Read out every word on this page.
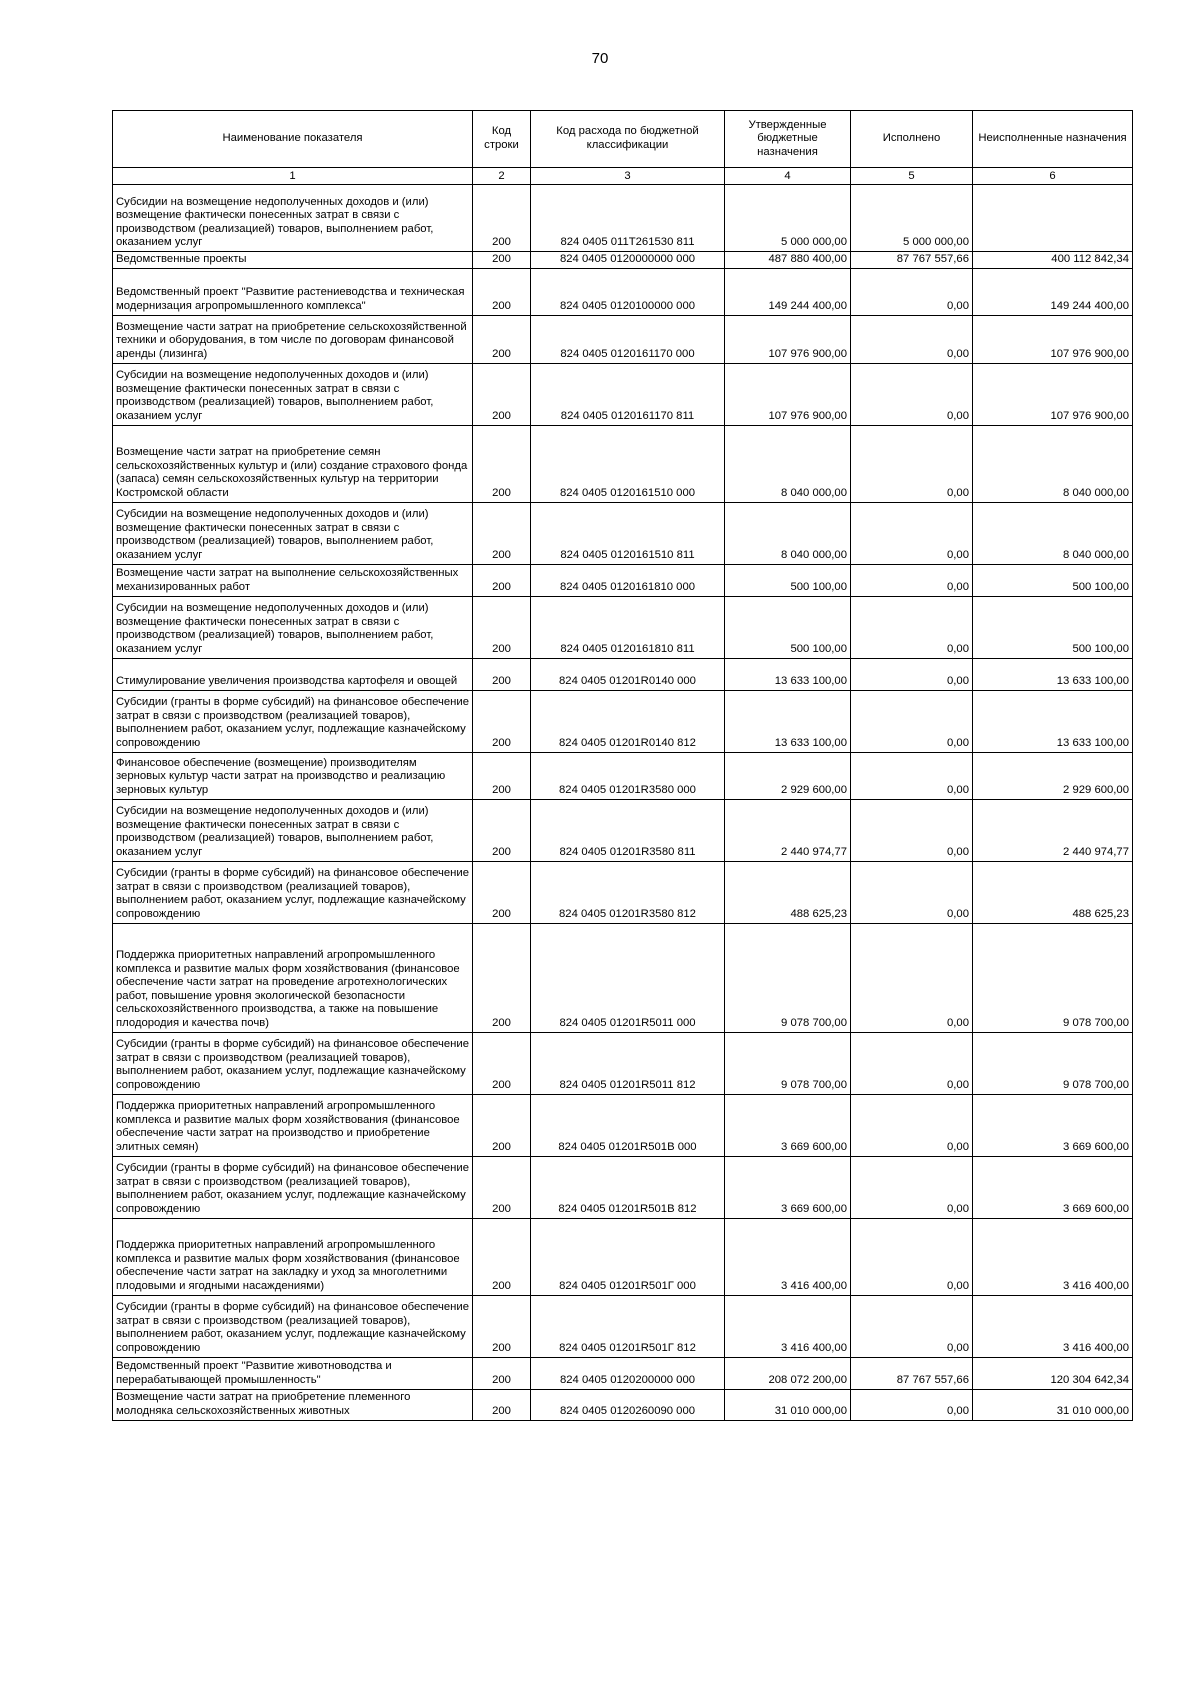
70
Наименование показателя	Код строки	Код расхода по бюджетной классификации	Утвержденные бюджетные назначения	Исполнено	Неисполненные назначения
1	2	3	4	5	6
Субсидии на возмещение недополученных доходов и (или) возмещение фактически понесенных затрат в связи с производством (реализацией) товаров, выполнением работ, оказанием услуг	200	824 0405 011Т261530 811	5 000 000,00	5 000 000,00	
Ведомственные проекты	200	824 0405 0120000000 000	487 880 400,00	87 767 557,66	400 112 842,34
Ведомственный проект "Развитие растениеводства и техническая модернизация агропромышленного комплекса"	200	824 0405 0120100000 000	149 244 400,00	0,00	149 244 400,00
Возмещение части затрат на приобретение сельскохозяйственной техники и оборудования, в том числе по договорам финансовой аренды (лизинга)	200	824 0405 0120161170 000	107 976 900,00	0,00	107 976 900,00
Субсидии на возмещение недополученных доходов и (или) возмещение фактически понесенных затрат в связи с производством (реализацией) товаров, выполнением работ, оказанием услуг	200	824 0405 0120161170 811	107 976 900,00	0,00	107 976 900,00
Возмещение части затрат на приобретение семян сельскохозяйственных культур и (или) создание страхового фонда (запаса) семян сельскохозяйственных культур на территории Костромской области	200	824 0405 0120161510 000	8 040 000,00	0,00	8 040 000,00
Субсидии на возмещение недополученных доходов и (или) возмещение фактически понесенных затрат в связи с производством (реализацией) товаров, выполнением работ, оказанием услуг	200	824 0405 0120161510 811	8 040 000,00	0,00	8 040 000,00
Возмещение части затрат на выполнение сельскохозяйственных механизированных работ	200	824 0405 0120161810 000	500 100,00	0,00	500 100,00
Субсидии на возмещение недополученных доходов и (или) возмещение фактически понесенных затрат в связи с производством (реализацией) товаров, выполнением работ, оказанием услуг	200	824 0405 0120161810 811	500 100,00	0,00	500 100,00
Стимулирование увеличения производства картофеля и овощей	200	824 0405 01201R0140 000	13 633 100,00	0,00	13 633 100,00
Субсидии (гранты в форме субсидий) на финансовое обеспечение затрат в связи с производством (реализацией товаров), выполнением работ, оказанием услуг, подлежащие казначейскому сопровождению	200	824 0405 01201R0140 812	13 633 100,00	0,00	13 633 100,00
Финансовое обеспечение (возмещение) производителям зерновых культур части затрат на производство и реализацию зерновых культур	200	824 0405 01201R3580 000	2 929 600,00	0,00	2 929 600,00
Субсидии на возмещение недополученных доходов и (или) возмещение фактически понесенных затрат в связи с производством (реализацией) товаров, выполнением работ, оказанием услуг	200	824 0405 01201R3580 811	2 440 974,77	0,00	2 440 974,77
Субсидии (гранты в форме субсидий) на финансовое обеспечение затрат в связи с производством (реализацией товаров), выполнением работ, оказанием услуг, подлежащие казначейскому сопровождению	200	824 0405 01201R3580 812	488 625,23	0,00	488 625,23
Поддержка приоритетных направлений агропромышленного комплекса и развитие малых форм хозяйствования (финансовое обеспечение части затрат на проведение агротехнологических работ, повышение уровня экологической безопасности сельскохозяйственного производства, а также на повышение плодородия и качества почв)	200	824 0405 01201R5011 000	9 078 700,00	0,00	9 078 700,00
Субсидии (гранты в форме субсидий) на финансовое обеспечение затрат в связи с производством (реализацией товаров), выполнением работ, оказанием услуг, подлежащие казначейскому сопровождению	200	824 0405 01201R5011 812	9 078 700,00	0,00	9 078 700,00
Поддержка приоритетных направлений агропромышленного комплекса и развитие малых форм хозяйствования (финансовое обеспечение части затрат на производство и приобретение элитных семян)	200	824 0405 01201R501В 000	3 669 600,00	0,00	3 669 600,00
Субсидии (гранты в форме субсидий) на финансовое обеспечение затрат в связи с производством (реализацией товаров), выполнением работ, оказанием услуг, подлежащие казначейскому сопровождению	200	824 0405 01201R501В 812	3 669 600,00	0,00	3 669 600,00
Поддержка приоритетных направлений агропромышленного комплекса и развитие малых форм хозяйствования (финансовое обеспечение части затрат на закладку и уход за многолетними плодовыми и ягодными насаждениями)	200	824 0405 01201R501Г 000	3 416 400,00	0,00	3 416 400,00
Субсидии (гранты в форме субсидий) на финансовое обеспечение затрат в связи с производством (реализацией товаров), выполнением работ, оказанием услуг, подлежащие казначейскому сопровождению	200	824 0405 01201R501Г 812	3 416 400,00	0,00	3 416 400,00
Ведомственный проект "Развитие животноводства и перерабатывающей промышленность"	200	824 0405 0120200000 000	208 072 200,00	87 767 557,66	120 304 642,34
Возмещение части затрат на приобретение племенного молодняка сельскохозяйственных животных	200	824 0405 0120260090 000	31 010 000,00	0,00	31 010 000,00
